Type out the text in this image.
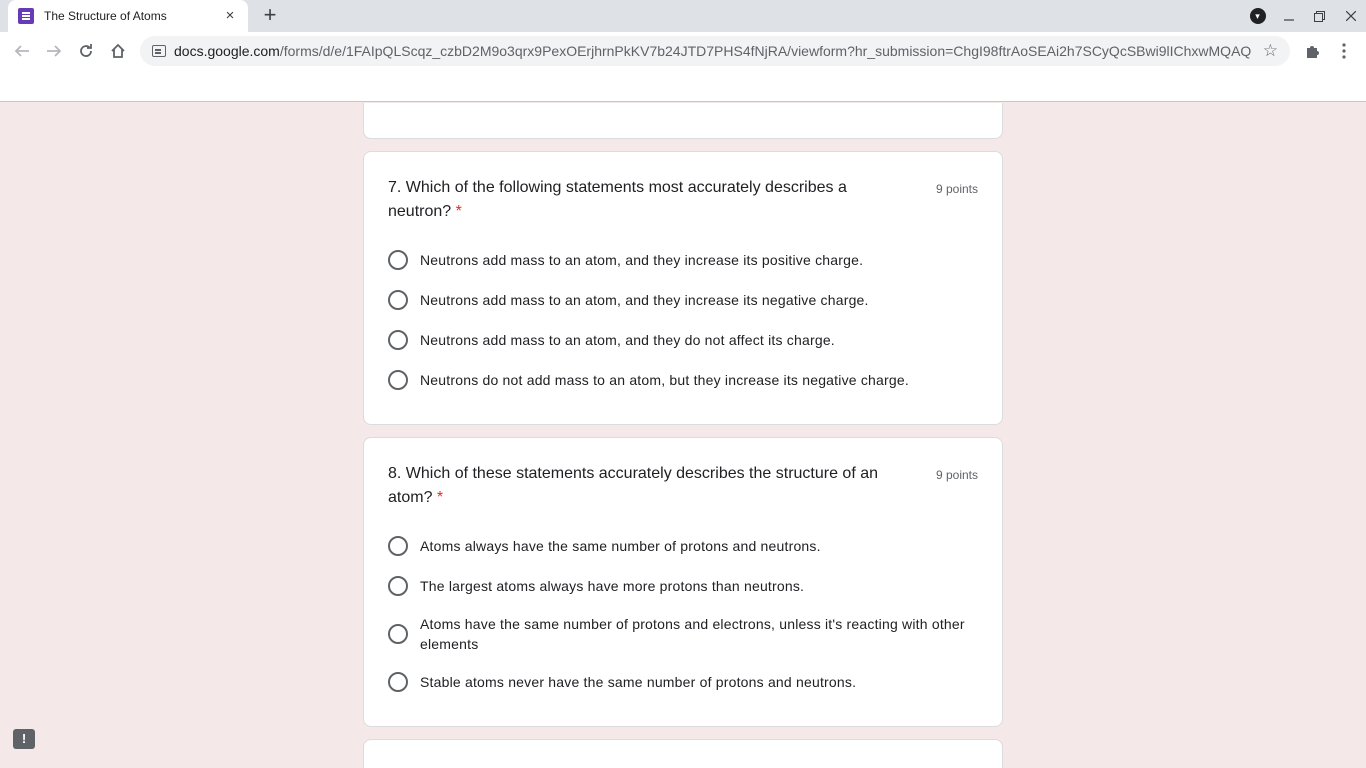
The Structure of Atoms	× +	▾
docs.google.com/forms/d/e/1FAIpQLScqz_czbD2M9o3qrx9PexOErjhrnPkKV7b24JTD7PHS4fNjRA/viewform?hr_submission=ChgI98ftrAoSEAi2h7SCyQcSBwi9lIChxwMQAQ ☆
7. Which of the following statements most accurately describes a neutron? *
9 points
Neutrons add mass to an atom, and they increase its positive charge.
Neutrons add mass to an atom, and they increase its negative charge.
Neutrons add mass to an atom, and they do not affect its charge.
Neutrons do not add mass to an atom, but they increase its negative charge.
8. Which of these statements accurately describes the structure of an atom? *
9 points
Atoms always have the same number of protons and neutrons.
The largest atoms always have more protons than neutrons.
Atoms have the same number of protons and electrons, unless it's reacting with other elements
Stable atoms never have the same number of protons and neutrons.
!
